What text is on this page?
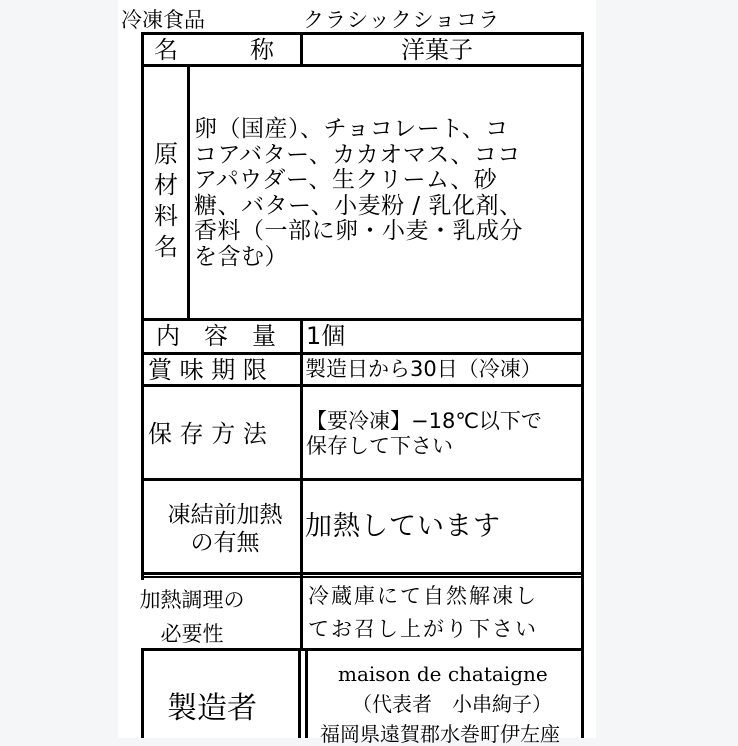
冷凍食品	クラシックショコラ
名　　　称	洋菓子
原
材
料
名
卵（国産）、チョコレート、コ
コアバター、カカオマス、ココ
アパウダー、生クリーム、砂
糖、バター、小麦粉 / 乳化剤、
香料（一部に卵・小麦・乳成分
を含む）
内　容　量 1個
賞 味 期 限 製造日から30日（冷凍）
保 存 方 法 【要冷凍】−18℃以下で
保存して下さい
凍結前加熱
の有無
加熱しています
加熱調理の
必要性
冷蔵庫にて自然解凍し
てお召し上がり下さい
製造者
maison de chataigne
（代表者　小串絢子）
福岡県遠賀郡水巻町伊左座
